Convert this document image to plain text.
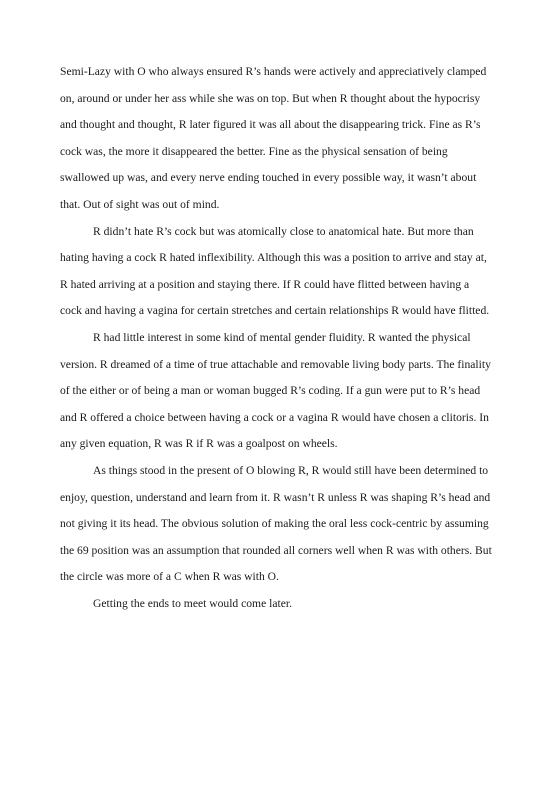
Semi-Lazy with O who always ensured R’s hands were actively and appreciatively clamped on, around or under her ass while she was on top. But when R thought about the hypocrisy and thought and thought, R later figured it was all about the disappearing trick. Fine as R’s cock was, the more it disappeared the better. Fine as the physical sensation of being swallowed up was, and every nerve ending touched in every possible way, it wasn’t about that. Out of sight was out of mind.

R didn’t hate R’s cock but was atomically close to anatomical hate. But more than hating having a cock R hated inflexibility. Although this was a position to arrive and stay at, R hated arriving at a position and staying there. If R could have flitted between having a cock and having a vagina for certain stretches and certain relationships R would have flitted.

R had little interest in some kind of mental gender fluidity. R wanted the physical version. R dreamed of a time of true attachable and removable living body parts. The finality of the either or of being a man or woman bugged R’s coding. If a gun were put to R’s head and R offered a choice between having a cock or a vagina R would have chosen a clitoris. In any given equation, R was R if R was a goalpost on wheels.

As things stood in the present of O blowing R, R would still have been determined to enjoy, question, understand and learn from it. R wasn’t R unless R was shaping R’s head and not giving it its head. The obvious solution of making the oral less cock-centric by assuming the 69 position was an assumption that rounded all corners well when R was with others. But the circle was more of a C when R was with O.

Getting the ends to meet would come later.
